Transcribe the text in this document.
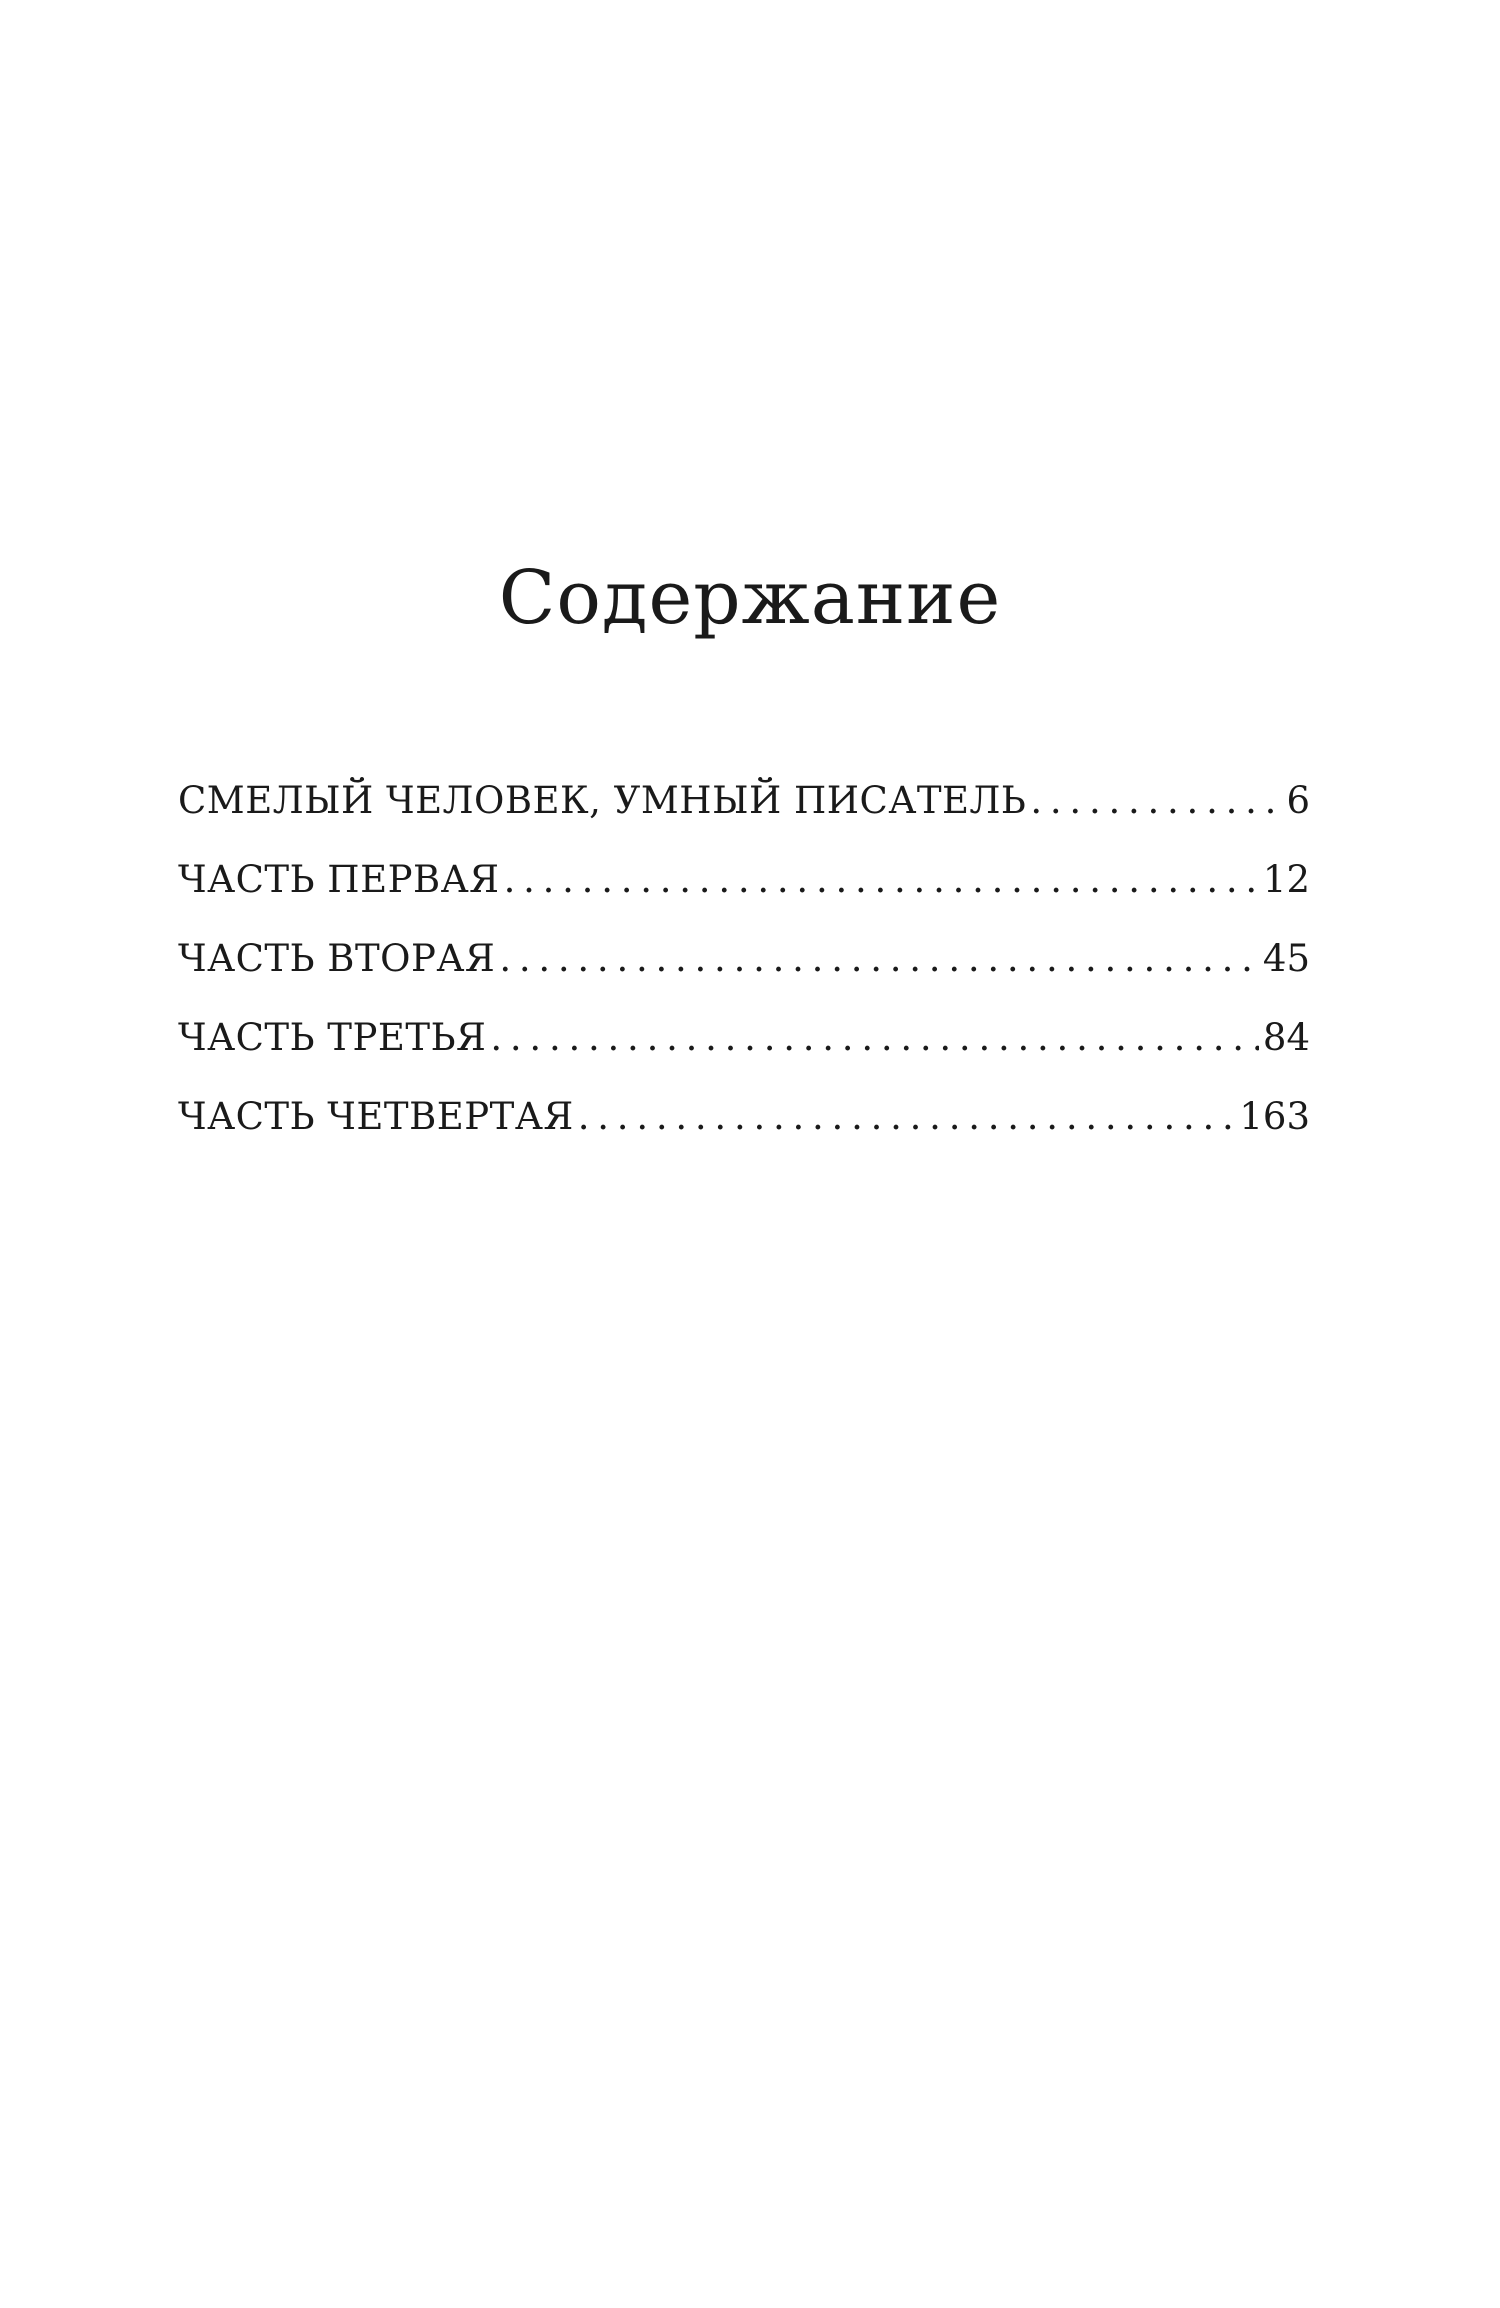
Содержание
СМЕЛЫЙ ЧЕЛОВЕК, УМНЫЙ ПИСАТЕЛЬ . . .	6
ЧАСТЬ ПЕРВАЯ . . .	12
ЧАСТЬ ВТОРАЯ . . .	45
ЧАСТЬ ТРЕТЬЯ . . .	84
ЧАСТЬ ЧЕТВЕРТАЯ . . .	163
